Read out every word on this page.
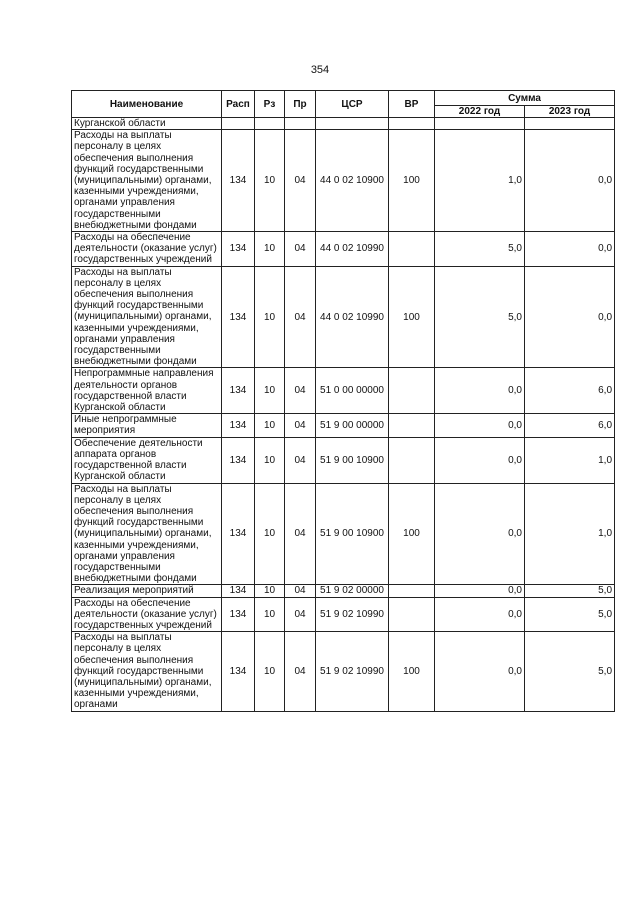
354
Наименование	Расп	Рз	Пр	ЦСР	ВР	Сумма	
						2022 год	2023 год
Курганской области							
Расходы на выплаты персоналу в целях обеспечения выполнения функций государственными (муниципальными) органами, казенными учреждениями, органами управления государственными внебюджетными фондами	134	10	04	44 0 02 10900	100	1,0	0,0
Расходы на обеспечение деятельности (оказание услуг) государственных учреждений	134	10	04	44 0 02 10990		5,0	0,0
Расходы на выплаты персоналу в целях обеспечения выполнения функций государственными (муниципальными) органами, казенными учреждениями, органами управления государственными внебюджетными фондами	134	10	04	44 0 02 10990	100	5,0	0,0
Непрограммные направления деятельности органов государственной власти Курганской области	134	10	04	51 0 00 00000		0,0	6,0
Иные непрограммные мероприятия	134	10	04	51 9 00 00000		0,0	6,0
Обеспечение деятельности аппарата органов государственной власти Курганской области	134	10	04	51 9 00 10900		0,0	1,0
Расходы на выплаты персоналу в целях обеспечения выполнения функций государственными (муниципальными) органами, казенными учреждениями, органами управления государственными внебюджетными фондами	134	10	04	51 9 00 10900	100	0,0	1,0
Реализация мероприятий	134	10	04	51 9 02 00000		0,0	5,0
Расходы на обеспечение деятельности (оказание услуг) государственных учреждений	134	10	04	51 9 02 10990		0,0	5,0
Расходы на выплаты персоналу в целях обеспечения выполнения функций государственными (муниципальными) органами, казенными учреждениями, органами	134	10	04	51 9 02 10990	100	0,0	5,0
